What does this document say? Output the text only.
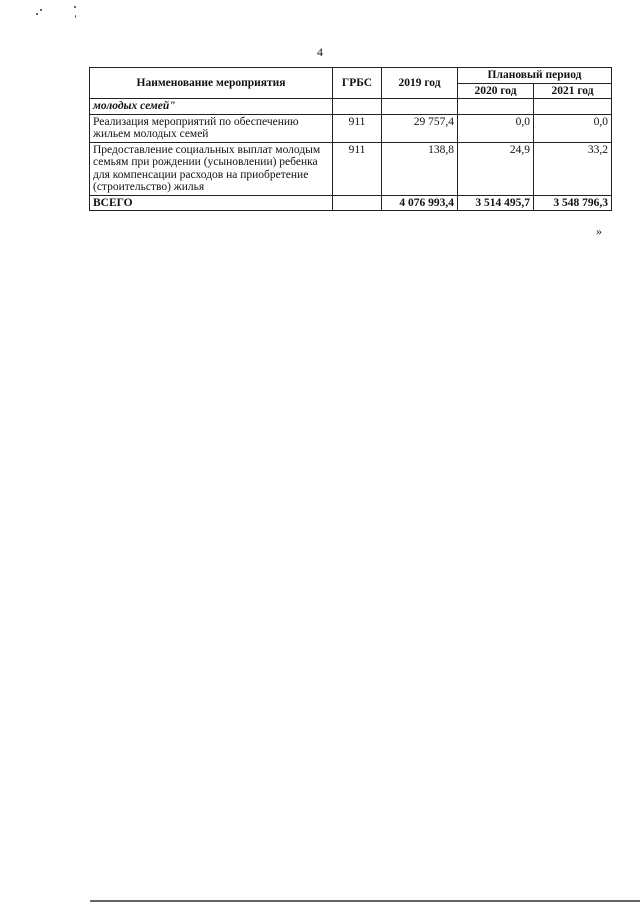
4
Наименование мероприятия	ГРБС	2019 год	Плановый период	
			2020 год	2021 год
молодых семей"				
Реализация мероприятий по обеспечению жильем молодых семей	911	29 757,4	0,0	0,0
Предоставление социальных выплат молодым семьям при рождении (усыновлении) ребенка для компенсации расходов на приобретение (строительство) жилья	911	138,8	24,9	33,2
ВСЕГО		4 076 993,4	3 514 495,7	3 548 796,3
»
